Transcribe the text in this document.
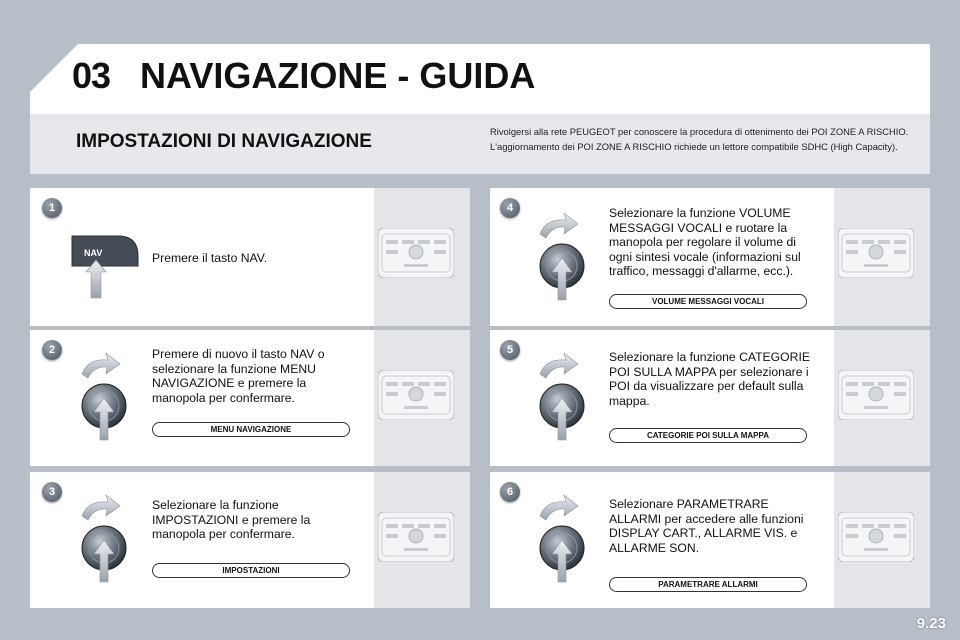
03 NAVIGAZIONE - GUIDA
IMPOSTAZIONI DI NAVIGAZIONE	Rivolgersi alla rete PEUGEOT per conoscere la procedura di ottenimento dei POI ZONE A RISCHIO.
L'aggiornamento dei POI ZONE A RISCHIO richiede un lettore compatibile SDHC (High Capacity).
1
NAV	Premere il tasto NAV.
2	Premere di nuovo il tasto NAV o selezionare la funzione MENU NAVIGAZIONE e premere la manopola per confermare.
MENU NAVIGAZIONE
3
Selezionare la funzione IMPOSTAZIONI e premere la manopola per confermare.
IMPOSTAZIONI
4	Selezionare la funzione VOLUME MESSAGGI VOCALI e ruotare la manopola per regolare il volume di ogni sintesi vocale (informazioni sul traffico, messaggi d'allarme, ecc.).
VOLUME MESSAGGI VOCALI
5	Selezionare la funzione CATEGORIE POI SULLA MAPPA per selezionare i POI da visualizzare per default sulla mappa.
CATEGORIE POI SULLA MAPPA
6
Selezionare PARAMETRARE ALLARMI per accedere alle funzioni DISPLAY CART., ALLARME VIS. e ALLARME SON.
PARAMETRARE ALLARMI
9.23
